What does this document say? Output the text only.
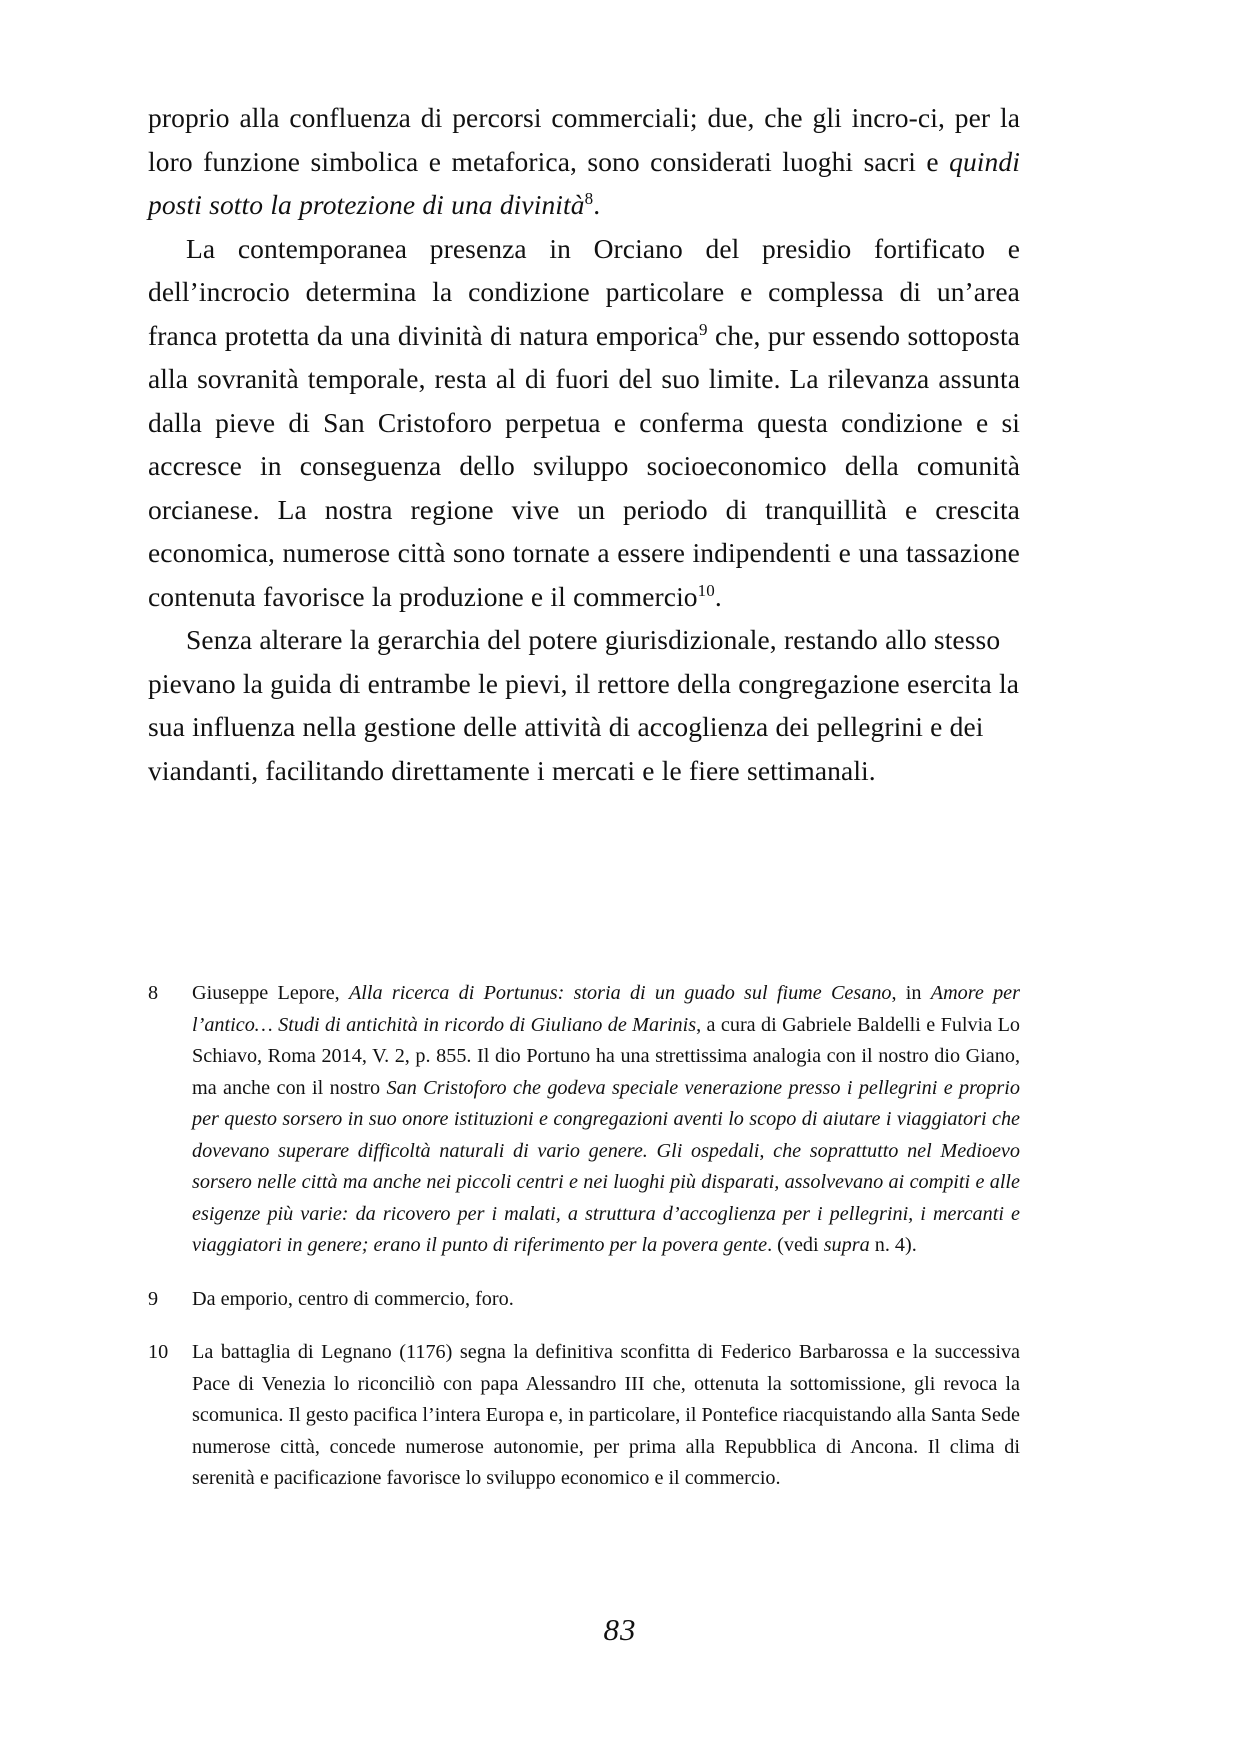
proprio alla confluenza di percorsi commerciali; due, che gli incro-ci, per la loro funzione simbolica e metaforica, sono considerati luoghi sacri e quindi posti sotto la protezione di una divinità$^8$.

La contemporanea presenza in Orciano del presidio fortificato e dell’incrocio determina la condizione particolare e complessa di un’area franca protetta da una divinità di natura emporica$^9$ che, pur essendo sottoposta alla sovranità temporale, resta al di fuori del suo limite. La rilevanza assunta dalla pieve di San Cristoforo perpetua e conferma questa condizione e si accresce in conseguenza dello sviluppo socioeconomico della comunità orcianese. La nostra regione vive un periodo di tranquillità e crescita economica, numerose città sono tornate a essere indipendenti e una tassazione contenuta favorisce la produzione e il commercio$^{10}$.

Senza alterare la gerarchia del potere giurisdizionale, restando allo stesso pievano la guida di entrambe le pievi, il rettore della congregazione esercita la sua influenza nella gestione delle attività di accoglienza dei pellegrini e dei viandanti, facilitando direttamente i mercati e le fiere settimanali.

8	Giuseppe Lepore, Alla ricerca di Portunus: storia di un guado sul fiume Cesano, in Amore per l’antico… Studi di antichità in ricordo di Giuliano de Marinis, a cura di Gabriele Baldelli e Fulvia Lo Schiavo, Roma 2014, V. 2, p. 855. Il dio Portuno ha una strettissima analogia con il nostro dio Giano, ma anche con il nostro San Cristoforo che godeva speciale venerazione presso i pellegrini e proprio per questo sorsero in suo onore istituzioni e congregazioni aventi lo scopo di aiutare i viaggiatori che dovevano superare difficoltà naturali di vario genere. Gli ospedali, che soprattutto nel Medioevo sorsero nelle città ma anche nei piccoli centri e nei luoghi più disparati, assolvevano ai compiti e alle esigenze più varie: da ricovero per i malati, a struttura d’accoglienza per i pellegrini, i mercanti e viaggiatori in genere; erano il punto di riferimento per la povera gente. (vedi supra n. 4).
9	Da emporio, centro di commercio, foro.
10	La battaglia di Legnano (1176) segna la definitiva sconfitta di Federico Barbarossa e la successiva Pace di Venezia lo riconciliò con papa Alessandro III che, ottenuta la sottomissione, gli revoca la scomunica. Il gesto pacifica l’intera Europa e, in particolare, il Pontefice riacquistando alla Santa Sede numerose città, concede numerose autonomie, per prima alla Repubblica di Ancona. Il clima di serenità e pacificazione favorisce lo sviluppo economico e il commercio.
83
